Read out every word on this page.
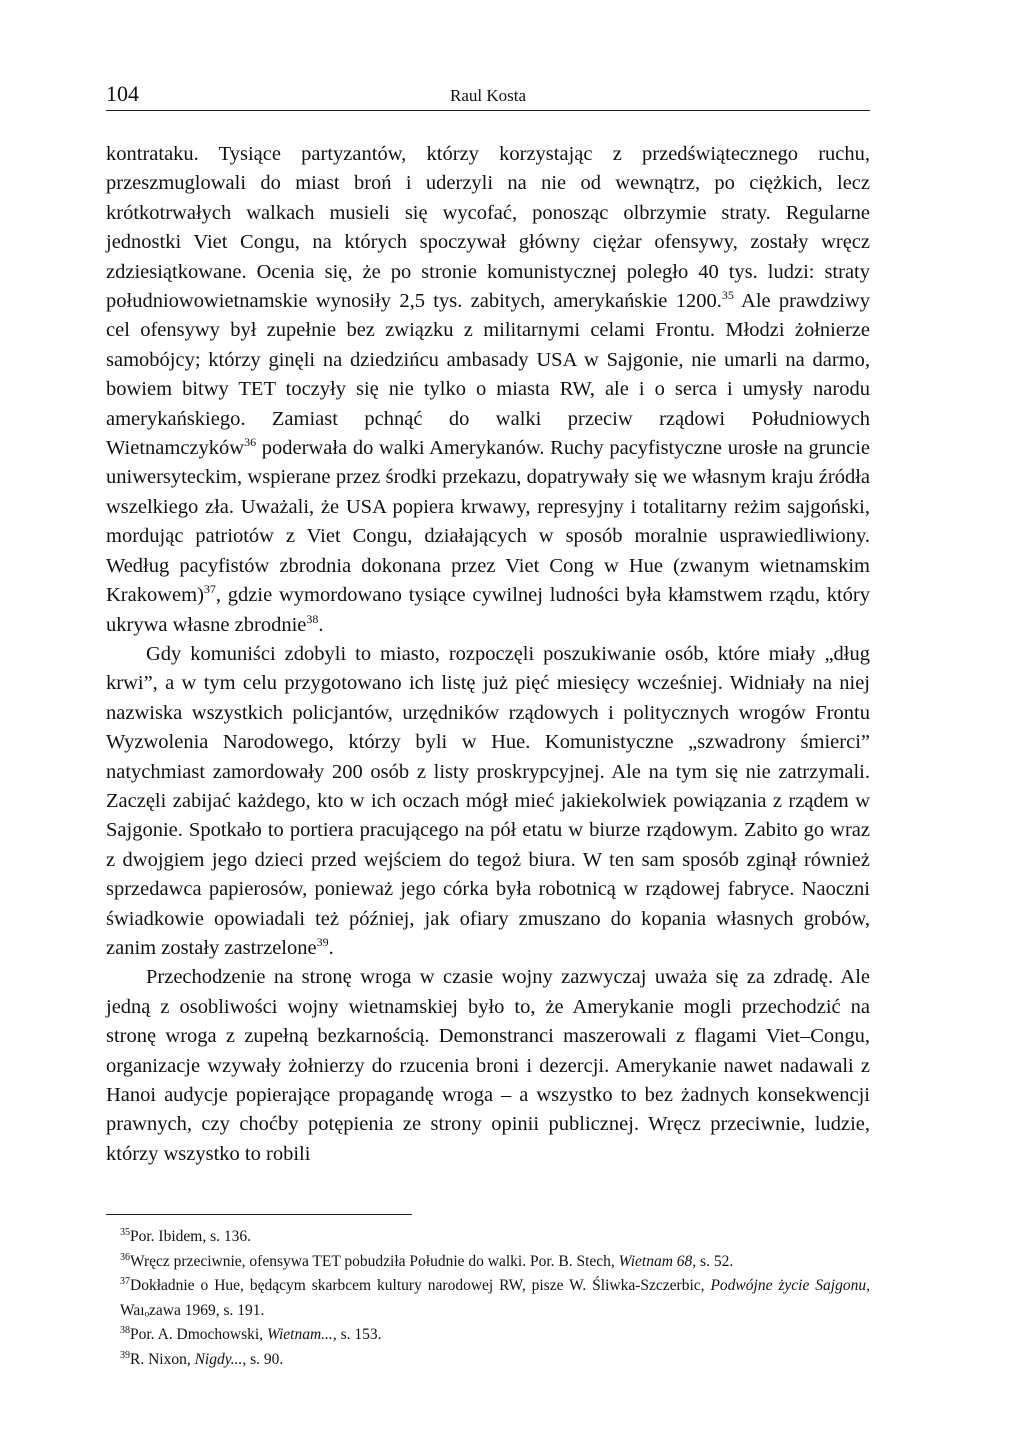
104	Raul Kosta

kontrataku. Tysiące partyzantów, którzy korzystając z przedświątecznego ruchu, przeszmuglowali do miast broń i uderzyli na nie od wewnątrz, po ciężkich, lecz krótkotrwałych walkach musieli się wycofać, ponosząc olbrzymie straty. Regularne jednostki Viet Congu, na których spoczywał główny ciężar ofensywy, zostały wręcz zdziesiątkowane. Ocenia się, że po stronie komunistycznej poległo 40 tys. ludzi: straty południowowietnamskie wynosiły 2,5 tys. zabitych, amerykańskie 1200.35 Ale prawdziwy cel ofensywy był zupełnie bez związku z militarnymi celami Frontu. Młodzi żołnierze samobójcy; którzy ginęli na dziedzińcu ambasady USA w Sajgonie, nie umarli na darmo, bowiem bitwy TET toczyły się nie tylko o miasta RW, ale i o serca i umysły narodu amerykańskiego. Zamiast pchnąć do walki przeciw rządowi Południowych Wietnamczyków$^{36}$ poderwała do walki Amerykanów. Ruchy pacyfistyczne urosłe na gruncie uniwersyteckim, wspierane przez środki przekazu, dopatrywały się we własnym kraju źródła wszelkiego zła. Uważali, że USA popiera krwawy, represyjny i totalitarny reżim sajgoński, mordując patriotów z Viet Congu, działających w sposób moralnie usprawiedliwiony. Według pacyfistów zbrodnia dokonana przez Viet Cong w Hue (zwanym wietnamskim Krakowem)$^{37}$, gdzie wymordowano tysiące cywilnej ludności była kłamstwem rządu, który ukrywa własne zbrodnie$^{38}$.

Gdy komuniści zdobyli to miasto, rozpoczęli poszukiwanie osób, które miały „dług krwi”, a w tym celu przygotowano ich listę już pięć miesięcy wcześniej. Widniały na niej nazwiska wszystkich policjantów, urzędników rządowych i politycznych wrogów Frontu Wyzwolenia Narodowego, którzy byli w Hue. Komunistyczne „szwadrony śmierci” natychmiast zamordowały 200 osób z listy proskrypcyjnej. Ale na tym się nie zatrzymali. Zaczęli zabijać każdego, kto w ich oczach mógł mieć jakiekolwiek powiązania z rządem w Sajgonie. Spotkało to portiera pracującego na pół etatu w biurze rządowym. Zabito go wraz z dwojgiem jego dzieci przed wejściem do tegoż biura. W ten sam sposób zginął również sprzedawca papierosów, ponieważ jego córka była robotnicą w rządowej fabryce. Naoczni świadkowie opowiadali też później, jak ofiary zmuszano do kopania własnych grobów, zanim zostały zastrzelone$^{39}$.

Przechodzenie na stronę wroga w czasie wojny zazwyczaj uważa się za zdradę. Ale jedną z osobliwości wojny wietnamskiej było to, że Amerykanie mogli przechodzić na stronę wroga z zupełną bezkarnością. Demonstranci maszerowali z flagami Viet–Congu, organizacje wzywały żołnierzy do rzucenia broni i dezercji. Amerykanie nawet nadawali z Hanoi audycje popierające propagandę wroga – a wszystko to bez żadnych konsekwencji prawnych, czy choćby potępienia ze strony opinii publicznej. Wręcz przeciwnie, ludzie, którzy wszystko to robili

$^{35}$Por. Ibidem, s. 136.

$^{36}$Wręcz przeciwnie, ofensywa TET pobudziła Południe do walki. Por. B. Stech, Wietnam 68, s. 52.

$^{37}$Dokładnie o Hue, będącym skarbcem kultury narodowej RW, pisze W. Śliwka-Szczerbic, Podwójne życie Sajgonu, Waıₒzawa 1969, s. 191.

$^{38}$Por. A. Dmochowski, Wietnam..., s. 153.

$^{39}$R. Nixon, Nigdy..., s. 90.
